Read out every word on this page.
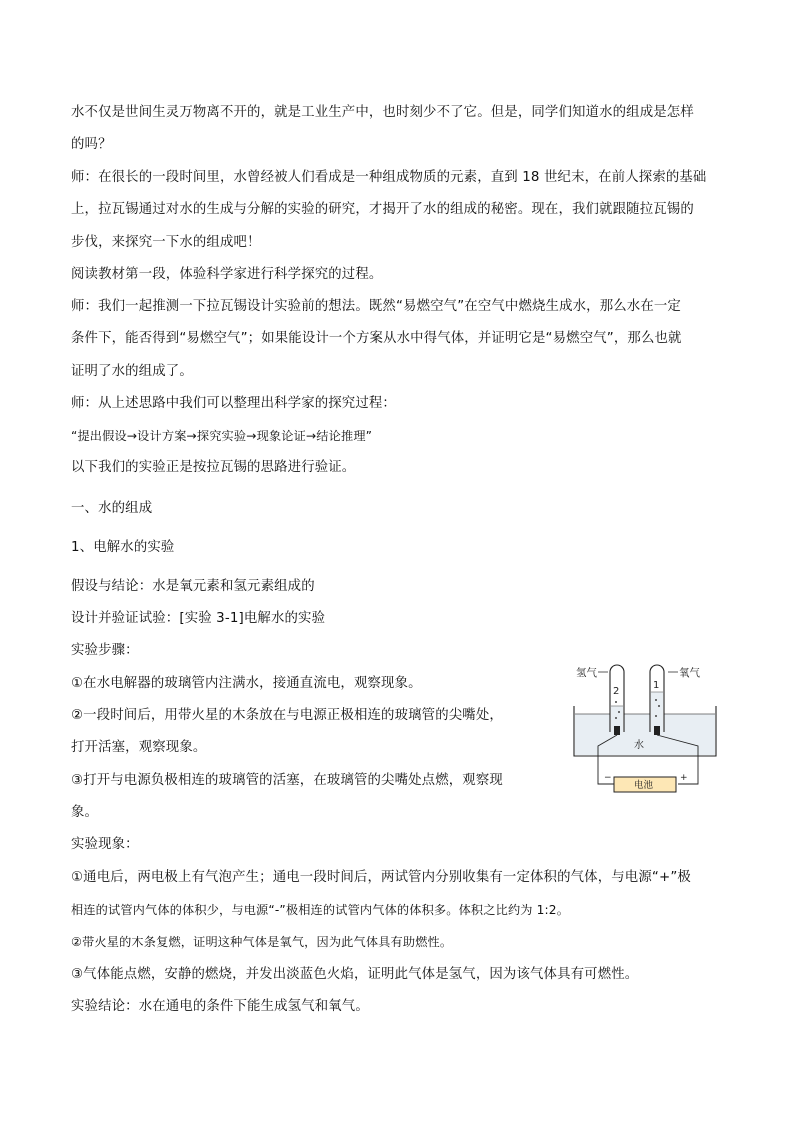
水不仅是世间生灵万物离不开的，就是工业生产中，也时刻少不了它。但是，同学们知道水的组成是怎样
的吗？
师：在很长的一段时间里，水曾经被人们看成是一种组成物质的元素，直到 18 世纪末，在前人探索的基础
上，拉瓦锡通过对水的生成与分解的实验的研究，才揭开了水的组成的秘密。现在，我们就跟随拉瓦锡的
步伐，来探究一下水的组成吧！
阅读教材第一段，体验科学家进行科学探究的过程。
师：我们一起推测一下拉瓦锡设计实验前的想法。既然“易燃空气”在空气中燃烧生成水，那么水在一定
条件下，能否得到“易燃空气”；如果能设计一个方案从水中得气体，并证明它是“易燃空气”，那么也就
证明了水的组成了。
师：从上述思路中我们可以整理出科学家的探究过程：
“提出假设→设计方案→探究实验→现象论证→结论推理”
以下我们的实验正是按拉瓦锡的思路进行验证。
一、水的组成
1、电解水的实验
假设与结论：水是氧元素和氢元素组成的
设计并验证试验：[实验 3-1]电解水的实验
实验步骤：
①在水电解器的玻璃管内注满水，接通直流电，观察现象。
②一段时间后，用带火星的木条放在与电源正极相连的玻璃管的尖嘴处，
打开活塞，观察现象。
③打开与电源负极相连的玻璃管的活塞，在玻璃管的尖嘴处点燃，观察现
象。
实验现象：
①通电后，两电极上有气泡产生；通电一段时间后，两试管内分别收集有一定体积的气体，与电源“+”极
相连的试管内气体的体积少，与电源“-”极相连的试管内气体的体积多。体积之比约为 1:2。
②带火星的木条复燃，证明这种气体是氧气，因为此气体具有助燃性。
③气体能点燃，安静的燃烧，并发出淡蓝色火焰，证明此气体是氢气，因为该气体具有可燃性。
实验结论：水在通电的条件下能生成氢气和氧气。
氢气	氧气
2
1
水
电池
−	+
